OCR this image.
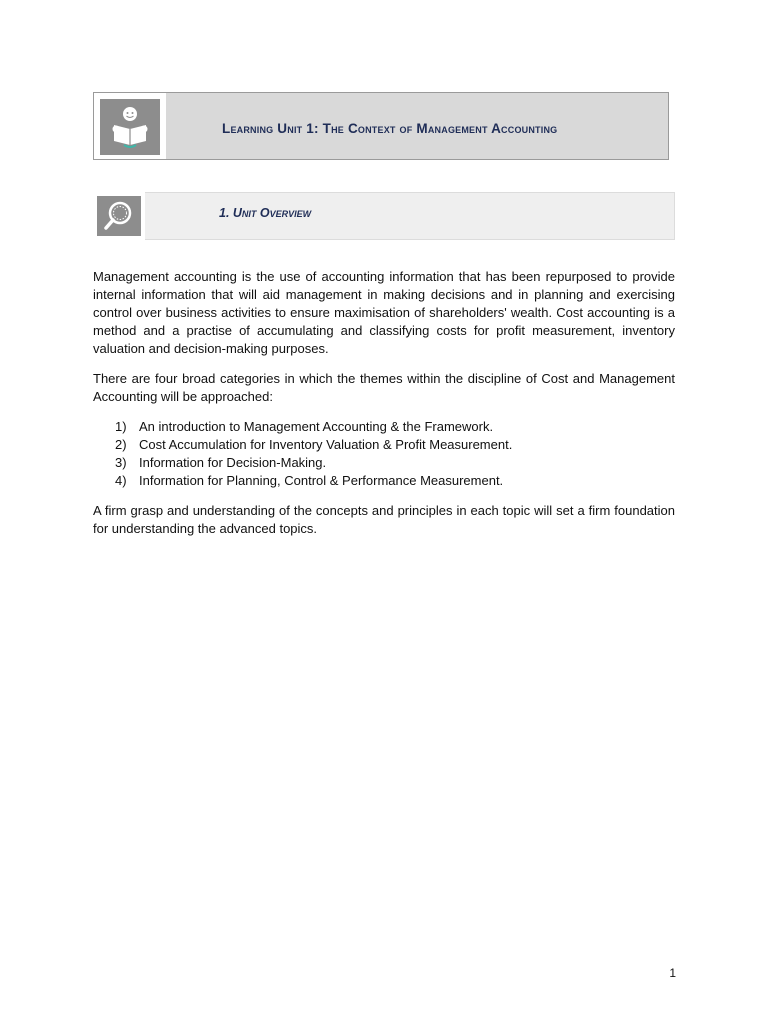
Learning Unit 1: The Context of Management Accounting
1. Unit Overview

Management accounting is the use of accounting information that has been repurposed to provide internal information that will aid management in making decisions and in planning and exercising control over business activities to ensure maximisation of shareholders' wealth. Cost accounting is a method and a practise of accumulating and classifying costs for profit measurement, inventory valuation and decision-making purposes.

There are four broad categories in which the themes within the discipline of Cost and Management Accounting will be approached:

1) An introduction to Management Accounting & the Framework.
2) Cost Accumulation for Inventory Valuation & Profit Measurement.
3) Information for Decision-Making.
4) Information for Planning, Control & Performance Measurement.

A firm grasp and understanding of the concepts and principles in each topic will set a firm foundation for understanding the advanced topics.

1
